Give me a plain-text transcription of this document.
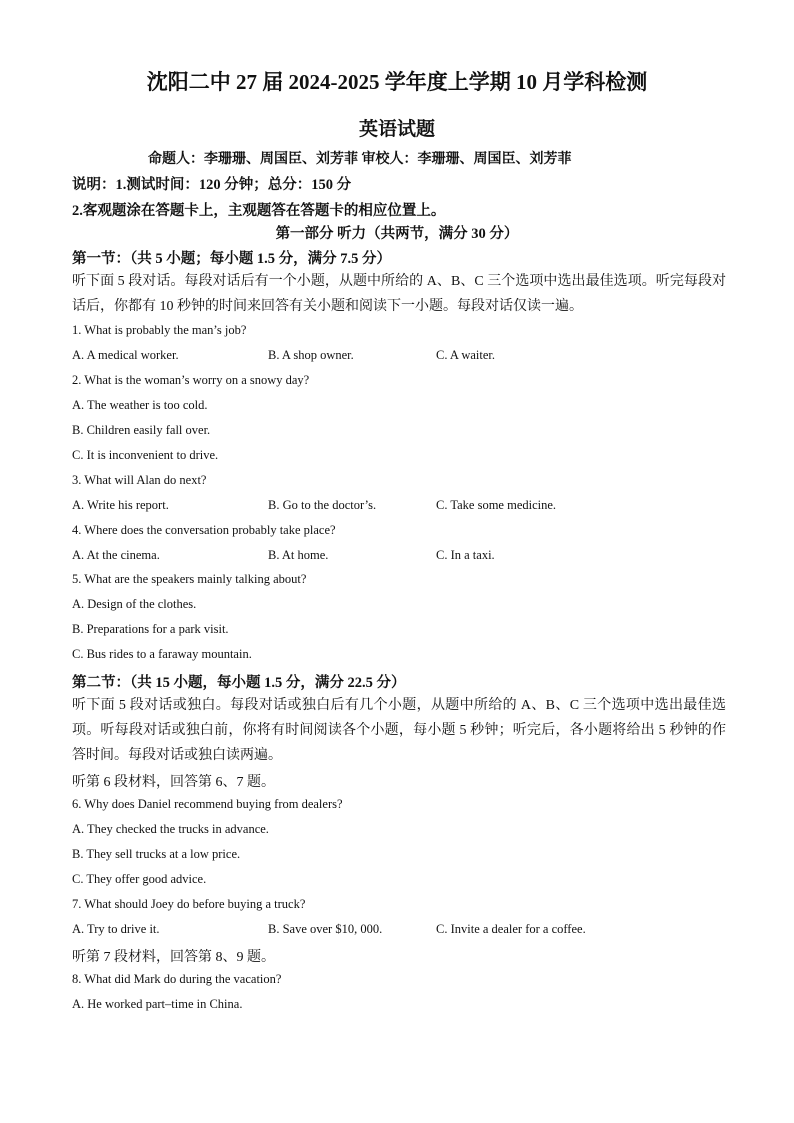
沈阳二中 27 届 2024-2025 学年度上学期 10 月学科检测
英语试题
命题人：李珊珊、周国臣、刘芳菲 审校人：李珊珊、周国臣、刘芳菲
说明：1.测试时间：120 分钟；总分：150 分
2.客观题涂在答题卡上，主观题答在答题卡的相应位置上。
第一部分 听力（共两节，满分 30 分）
第一节：（共 5 小题；每小题 1.5 分，满分 7.5 分）
听下面 5 段对话。每段对话后有一个小题，从题中所给的 A、B、C 三个选项中选出最佳选项。听完每段对话后，你都有 10 秒钟的时间来回答有关小题和阅读下一小题。每段对话仅读一遍。
1. What is probably the man’s job?
A. A medical worker.	B. A shop owner.	C. A waiter.
2. What is the woman’s worry on a snowy day?
A. The weather is too cold.
B. Children easily fall over.
C. It is inconvenient to drive.
3. What will Alan do next?
A. Write his report.	B. Go to the doctor’s.	C. Take some medicine.
4. Where does the conversation probably take place?
A. At the cinema.	B. At home.	C. In a taxi.
5. What are the speakers mainly talking about?
A. Design of the clothes.
B. Preparations for a park visit.
C. Bus rides to a faraway mountain.
第二节：（共 15 小题，每小题 1.5 分，满分 22.5 分）
听下面 5 段对话或独白。每段对话或独白后有几个小题，从题中所给的 A、B、C 三个选项中选出最佳选项。听每段对话或独白前，你将有时间阅读各个小题，每小题 5 秒钟；听完后，各小题将给出 5 秒钟的作答时间。每段对话或独白读两遍。
听第 6 段材料，回答第 6、7 题。
6. Why does Daniel recommend buying from dealers?
A. They checked the trucks in advance.
B. They sell trucks at a low price.
C. They offer good advice.
7. What should Joey do before buying a truck?
A. Try to drive it.	B. Save over $10, 000.	C. Invite a dealer for a coffee.
听第 7 段材料，回答第 8、9 题。
8. What did Mark do during the vacation?
A. He worked part–time in China.
